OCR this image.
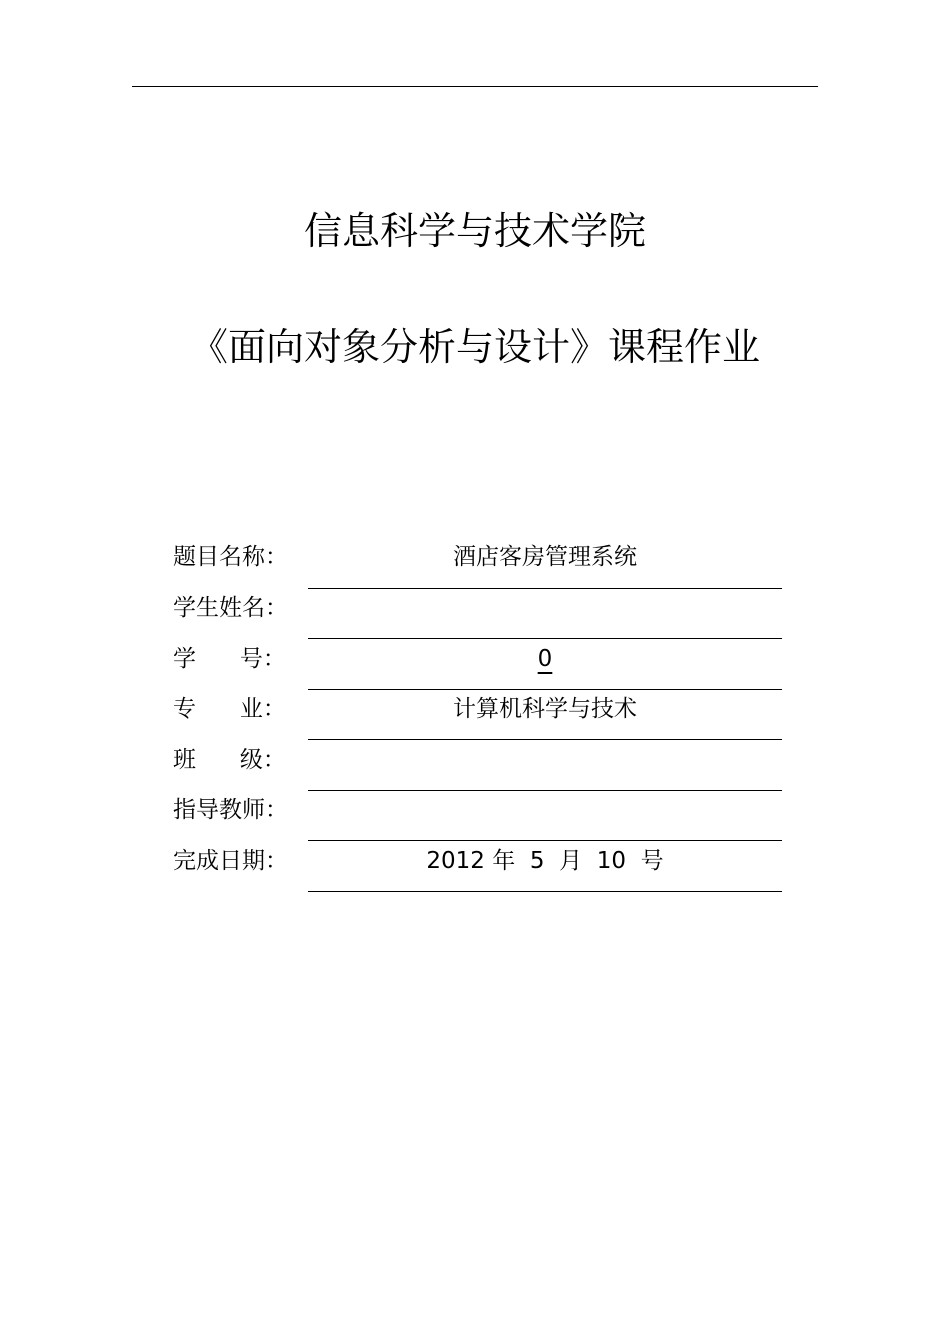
信息科学与技术学院
《面向对象分析与设计》课程作业
题目名称：	酒店客房管理系统
学生姓名：
学      号：	0
专      业：	计算机科学与技术
班      级：
指导教师：
完成日期：	2012 年  5  月  10  号
